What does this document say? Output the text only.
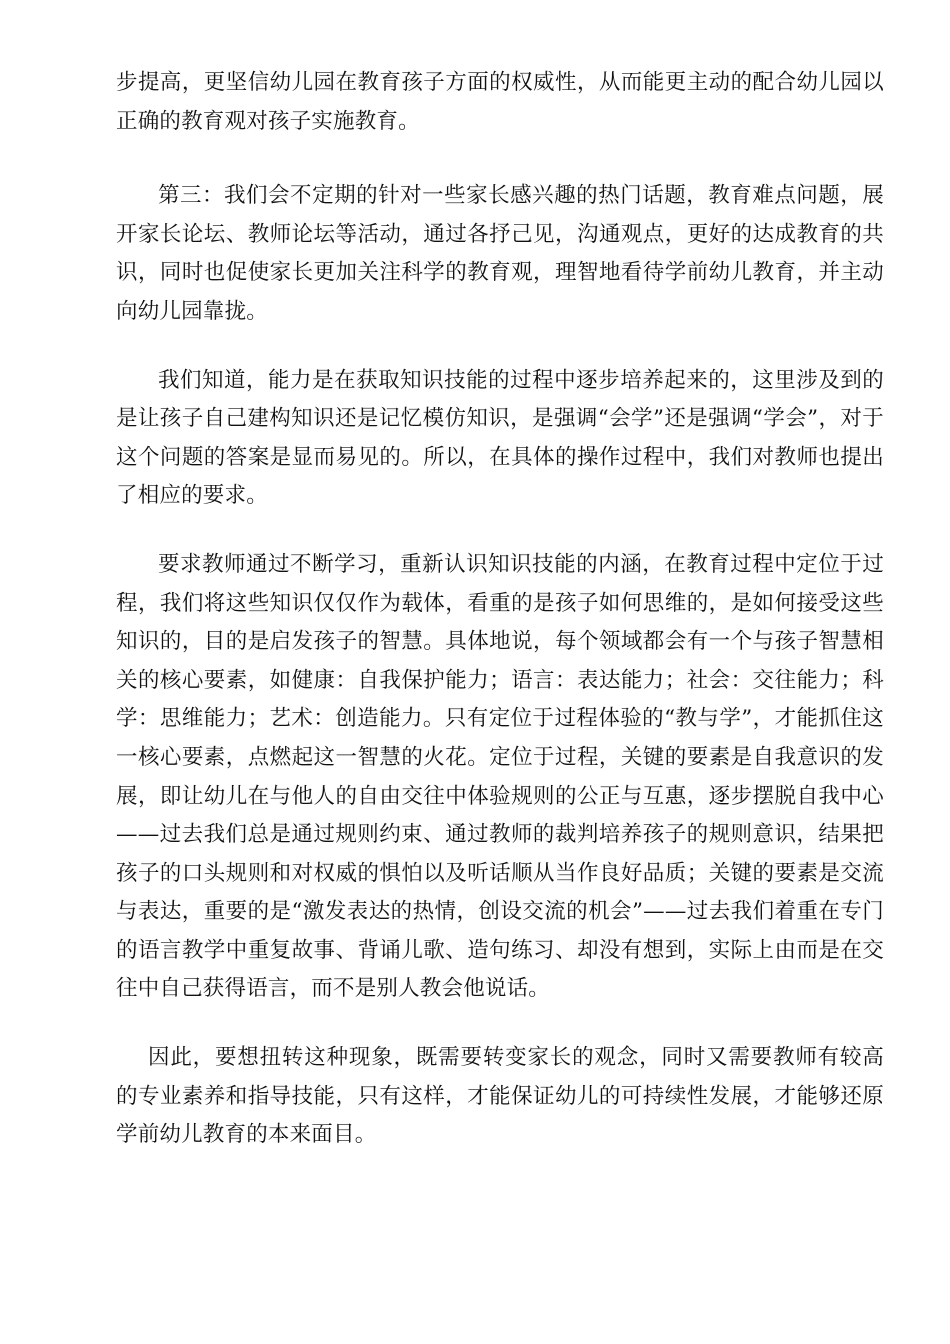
步提高，更坚信幼儿园在教育孩子方面的权威性，从而能更主动的配合幼儿园以正确的教育观对孩子实施教育。

第三：我们会不定期的针对一些家长感兴趣的热门话题，教育难点问题，展开家长论坛、教师论坛等活动，通过各抒己见，沟通观点，更好的达成教育的共识，同时也促使家长更加关注科学的教育观，理智地看待学前幼儿教育，并主动向幼儿园靠拢。

我们知道，能力是在获取知识技能的过程中逐步培养起来的，这里涉及到的是让孩子自己建构知识还是记忆模仿知识，是强调“会学”还是强调“学会”，对于这个问题的答案是显而易见的。所以，在具体的操作过程中，我们对教师也提出了相应的要求。

要求教师通过不断学习，重新认识知识技能的内涵，在教育过程中定位于过程，我们将这些知识仅仅作为载体，看重的是孩子如何思维的，是如何接受这些知识的，目的是启发孩子的智慧。具体地说，每个领域都会有一个与孩子智慧相关的核心要素，如健康：自我保护能力；语言：表达能力；社会：交往能力；科学：思维能力；艺术：创造能力。只有定位于过程体验的“教与学”，才能抓住这一核心要素，点燃起这一智慧的火花。定位于过程，关键的要素是自我意识的发展，即让幼儿在与他人的自由交往中体验规则的公正与互惠，逐步摆脱自我中心——过去我们总是通过规则约束、通过教师的裁判培养孩子的规则意识，结果把孩子的口头规则和对权威的惧怕以及听话顺从当作良好品质；关键的要素是交流与表达，重要的是“激发表达的热情，创设交流的机会”——过去我们着重在专门的语言教学中重复故事、背诵儿歌、造句练习、却没有想到，实际上由而是在交往中自己获得语言，而不是别人教会他说话。

因此，要想扭转这种现象，既需要转变家长的观念，同时又需要教师有较高的专业素养和指导技能，只有这样，才能保证幼儿的可持续性发展，才能够还原学前幼儿教育的本来面目。
